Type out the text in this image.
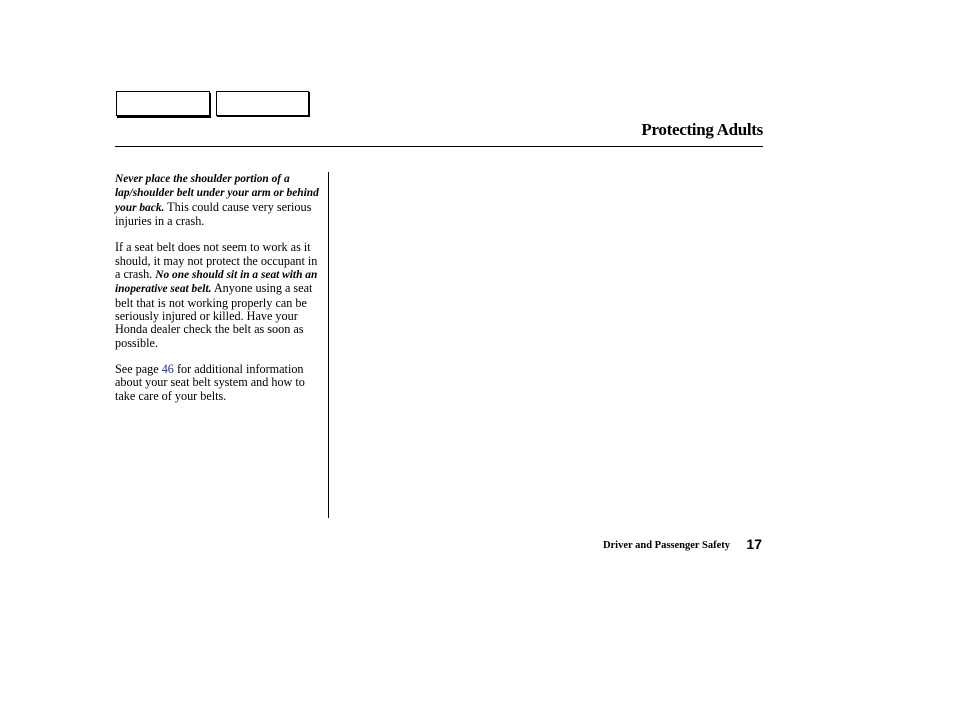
Protecting Adults

Never place the shoulder portion of a lap/shoulder belt under your arm or behind your back. This could cause very serious injuries in a crash.

If a seat belt does not seem to work as it should, it may not protect the occupant in a crash. No one should sit in a seat with an inoperative seat belt. Anyone using a seat belt that is not working properly can be seriously injured or killed. Have your Honda dealer check the belt as soon as possible.

See page 46 for additional information about your seat belt system and how to take care of your belts.

Driver and Passenger Safety 17
